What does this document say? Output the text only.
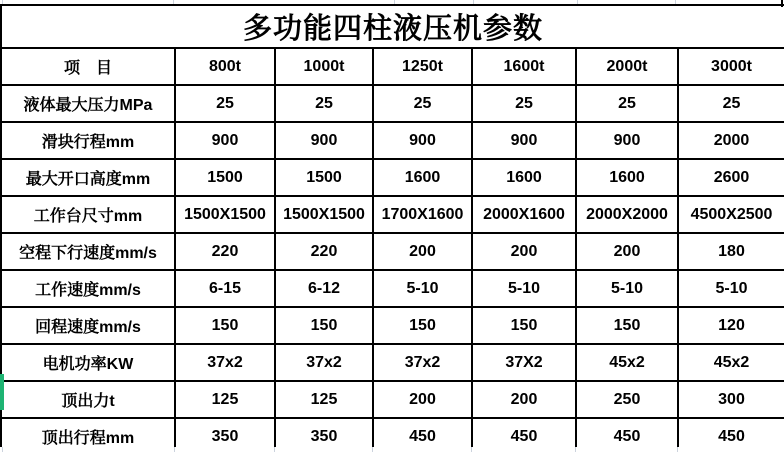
多功能四柱液压机参数						
项　目	800t	1000t	1250t	1600t	2000t	3000t
液体最大压力MPa	25	25	25	25	25	25
滑块行程mm	900	900	900	900	900	2000
最大开口高度mm	1500	1500	1600	1600	1600	2600
工作台尺寸mm	1500X1500	1500X1500	1700X1600	2000X1600	2000X2000	4500X2500
空程下行速度mm/s	220	220	200	200	200	180
工作速度mm/s	6-15	6-12	5-10	5-10	5-10	5-10
回程速度mm/s	150	150	150	150	150	120
电机功率KW	37x2	37x2	37x2	37X2	45x2	45x2
顶出力t	125	125	200	200	250	300
顶出行程mm	350	350	450	450	450	450
